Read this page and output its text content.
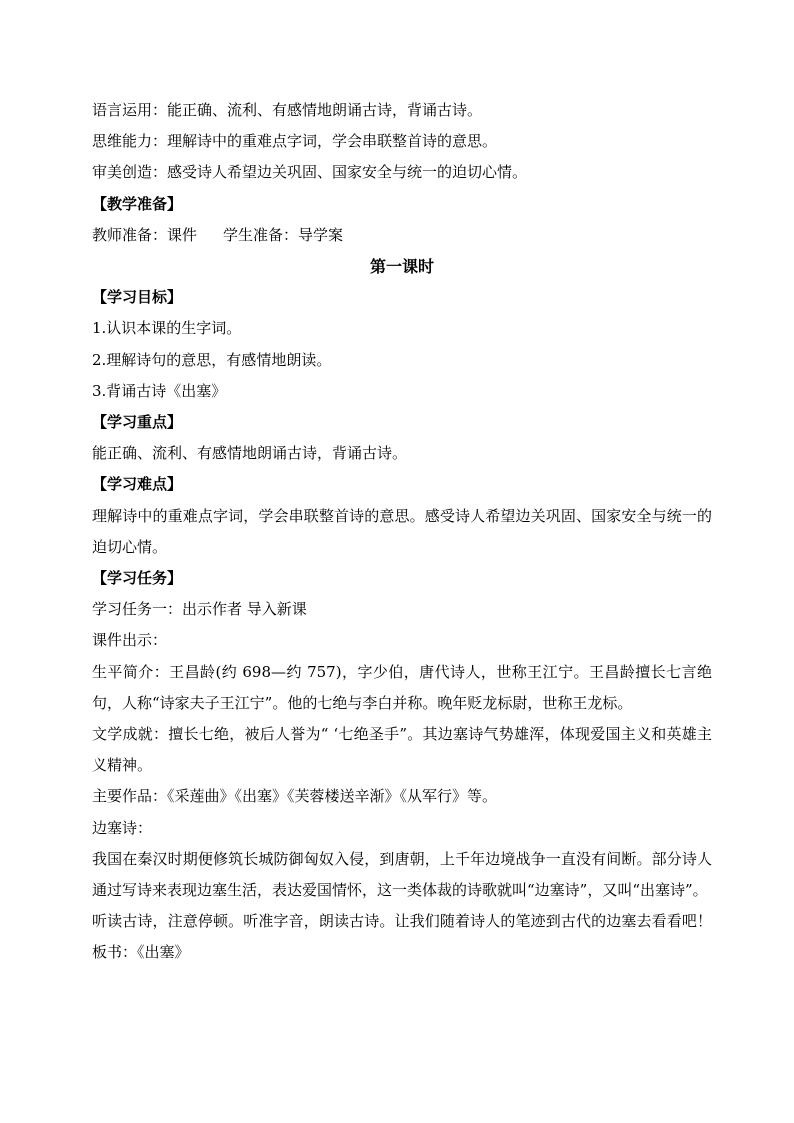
语言运用：能正确、流利、有感情地朗诵古诗，背诵古诗。
思维能力：理解诗中的重难点字词，学会串联整首诗的意思。
审美创造：感受诗人希望边关巩固、国家安全与统一的迫切心情。
【教学准备】
教师准备：课件 学生准备：导学案
第一课时
【学习目标】
1.认识本课的生字词。
2.理解诗句的意思，有感情地朗读。
3.背诵古诗《出塞》
【学习重点】
能正确、流利、有感情地朗诵古诗，背诵古诗。
【学习难点】
理解诗中的重难点字词，学会串联整首诗的意思。感受诗人希望边关巩固、国家安全与统一的迫切心情。
【学习任务】
学习任务一：出示作者 导入新课
课件出示：
生平简介：王昌龄(约 698—约 757)，字少伯，唐代诗人，世称王江宁。王昌龄擅长七言绝句，人称“诗家夫子王江宁”。他的七绝与李白并称。晚年贬龙标尉，世称王龙标。
文学成就：擅长七绝，被后人誉为“ ‘七绝圣手”。其边塞诗气势雄浑，体现爱国主义和英雄主义精神。
主要作品：《采莲曲》《出塞》《芙蓉楼送辛渐》《从军行》等。
边塞诗：
我国在秦汉时期便修筑长城防御匈奴入侵，到唐朝，上千年边境战争一直没有间断。部分诗人通过写诗来表现边塞生活，表达爱国情怀，这一类体裁的诗歌就叫“边塞诗”，又叫“出塞诗”。
听读古诗，注意停顿。听准字音，朗读古诗。让我们随着诗人的笔迹到古代的边塞去看看吧！板书：《出塞》
